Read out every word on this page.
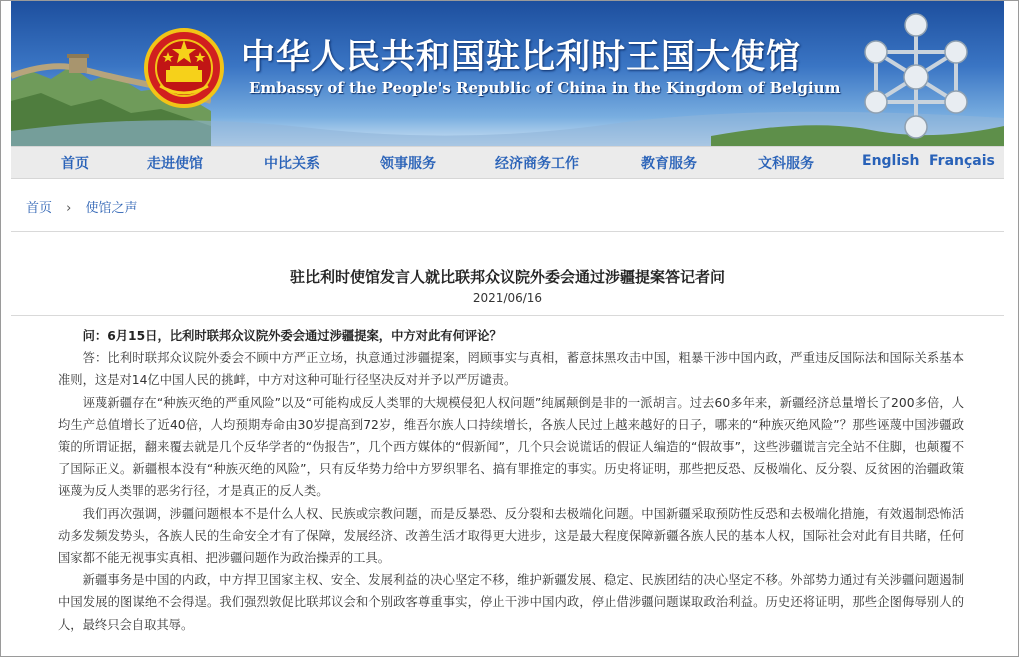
中华人民共和国驻比利时王国大使馆
Embassy of the People's Republic of China in the Kingdom of Belgium
首页	走进使馆	中比关系	领事服务	经济商务工作	教育服务	文科服务	English Français
首页 › 使馆之声
驻比利时使馆发言人就比联邦众议院外委会通过涉疆提案答记者问
2021/06/16

问：6月15日，比利时联邦众议院外委会通过涉疆提案，中方对此有何评论？

答：比利时联邦众议院外委会不顾中方严正立场，执意通过涉疆提案，罔顾事实与真相，蓄意抹黑攻击中国，粗暴干涉中国内政，严重违反国际法和国际关系基本准则，这是对14亿中国人民的挑衅，中方对这种可耻行径坚决反对并予以严厉谴责。

诬蔑新疆存在“种族灭绝的严重风险”以及“可能构成反人类罪的大规模侵犯人权问题”纯属颠倒是非的一派胡言。过去60多年来，新疆经济总量增长了200多倍，人均生产总值增长了近40倍，人均预期寿命由30岁提高到72岁，维吾尔族人口持续增长，各族人民过上越来越好的日子，哪来的“种族灭绝风险”？那些诬蔑中国涉疆政策的所谓证据，翻来覆去就是几个反华学者的“伪报告”，几个西方媒体的“假新闻”，几个只会说谎话的假证人编造的“假故事”，这些涉疆谎言完全站不住脚，也颠覆不了国际正义。新疆根本没有“种族灭绝的风险”，只有反华势力给中方罗织罪名、搞有罪推定的事实。历史将证明，那些把反恐、反极端化、反分裂、反贫困的治疆政策诬蔑为反人类罪的恶劣行径，才是真正的反人类。

我们再次强调，涉疆问题根本不是什么人权、民族或宗教问题，而是反暴恐、反分裂和去极端化问题。中国新疆采取预防性反恐和去极端化措施，有效遏制恐怖活动多发频发势头，各族人民的生命安全才有了保障，发展经济、改善生活才取得更大进步，这是最大程度保障新疆各族人民的基本人权，国际社会对此有目共睹，任何国家都不能无视事实真相、把涉疆问题作为政治操弄的工具。

新疆事务是中国的内政，中方捍卫国家主权、安全、发展利益的决心坚定不移，维护新疆发展、稳定、民族团结的决心坚定不移。外部势力通过有关涉疆问题遏制中国发展的图谋绝不会得逞。我们强烈敦促比联邦议会和个别政客尊重事实，停止干涉中国内政，停止借涉疆问题谋取政治利益。历史还将证明，那些企图侮辱别人的人，最终只会自取其辱。
